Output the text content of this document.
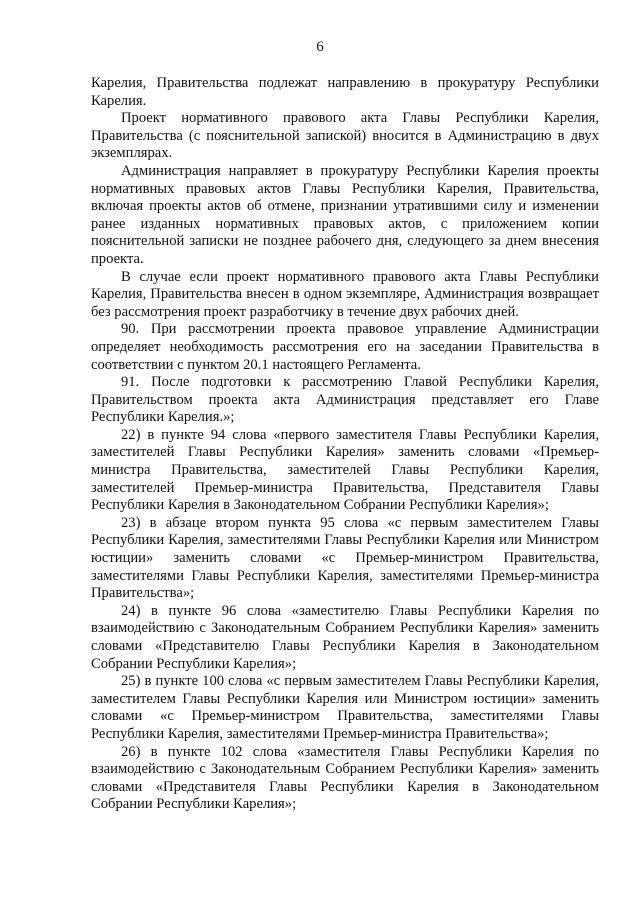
6

Карелия, Правительства подлежат направлению в прокуратуру Республики Карелия.

Проект нормативного правового акта Главы Республики Карелия, Правительства (с пояснительной запиской) вносится в Администрацию в двух экземплярах.

Администрация направляет в прокуратуру Республики Карелия проекты нормативных правовых актов Главы Республики Карелия, Правительства, включая проекты актов об отмене, признании утратившими силу и изменении ранее изданных нормативных правовых актов, с приложением копии пояснительной записки не позднее рабочего дня, следующего за днем внесения проекта.

В случае если проект нормативного правового акта Главы Республики Карелия, Правительства внесен в одном экземпляре, Администрация возвращает без рассмотрения проект разработчику в течение двух рабочих дней.

90. При рассмотрении проекта правовое управление Администрации определяет необходимость рассмотрения его на заседании Правительства в соответствии с пунктом 20.1 настоящего Регламента.

91. После подготовки к рассмотрению Главой Республики Карелия, Правительством проекта акта Администрация представляет его Главе Республики Карелия.»;

22) в пункте 94 слова «первого заместителя Главы Республики Карелия, заместителей Главы Республики Карелия» заменить словами «Премьер-министра Правительства, заместителей Главы Республики Карелия, заместителей Премьер-министра Правительства, Представителя Главы Республики Карелия в Законодательном Собрании Республики Карелия»;

23) в абзаце втором пункта 95 слова «с первым заместителем Главы Республики Карелия, заместителями Главы Республики Карелия или Министром юстиции» заменить словами «с Премьер-министром Правительства, заместителями Главы Республики Карелия, заместителями Премьер-министра Правительства»;

24) в пункте 96 слова «заместителю Главы Республики Карелия по взаимодействию с Законодательным Собранием Республики Карелия» заменить словами «Представителю Главы Республики Карелия в Законодательном Собрании Республики Карелия»;

25) в пункте 100 слова «с первым заместителем Главы Республики Карелия, заместителем Главы Республики Карелия или Министром юстиции» заменить словами «с Премьер-министром Правительства, заместителями Главы Республики Карелия, заместителями Премьер-министра Правительства»;

26) в пункте 102 слова «заместителя Главы Республики Карелия по взаимодействию с Законодательным Собранием Республики Карелия» заменить словами «Представителя Главы Республики Карелия в Законодательном Собрании Республики Карелия»;
